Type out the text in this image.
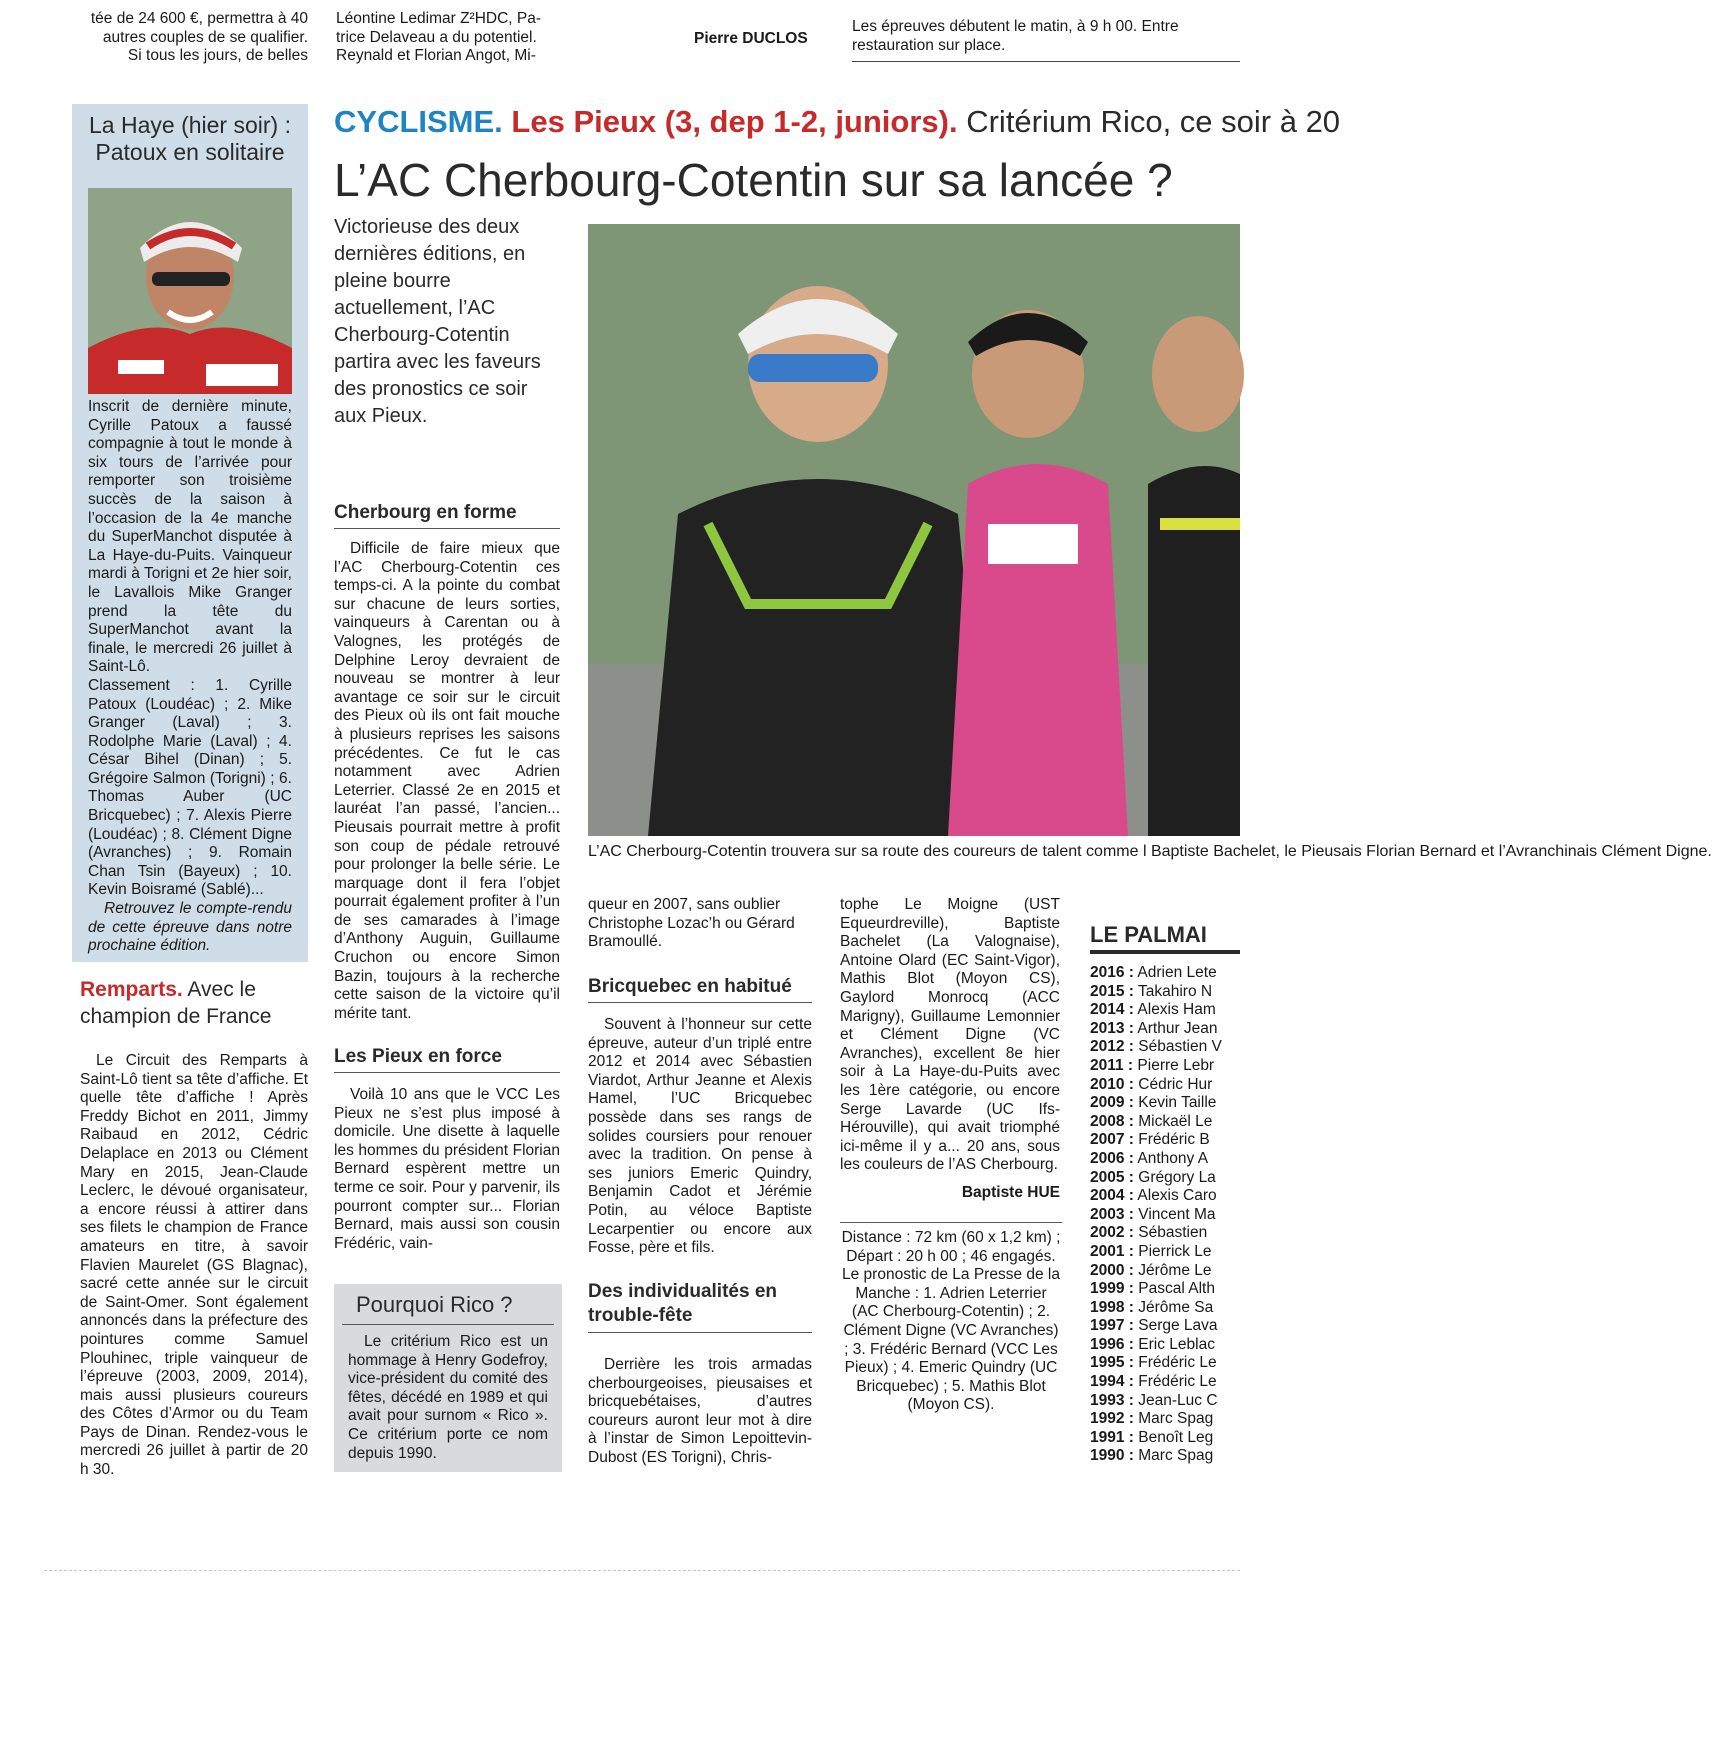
tée de 24 600 €, permettra à 40
autres couples de se qualifier.
Si tous les jours, de belles
Léontine Ledimar Z²HDC, Pa-
trice Delaveau a du potentiel.
Reynald et Florian Angot, Mi-
Pierre DUCLOS
Les épreuves débutent le matin, à 9 h 00. Entre
restauration sur place.
La Haye (hier soir) : Patoux en solitaire

Inscrit de dernière minute, Cyrille Patoux a faussé compagnie à tout le monde à six tours de l’arrivée pour remporter son troisième succès de la saison à l’occasion de la 4e manche du SuperManchot disputée à La Haye-du-Puits. Vainqueur mardi à Torigni et 2e hier soir, le Lavallois Mike Granger prend la tête du SuperManchot avant la finale, le mercredi 26 juillet à Saint-Lô.

Classement : 1. Cyrille Patoux (Loudéac) ; 2. Mike Granger (Laval) ; 3. Rodolphe Marie (Laval) ; 4. César Bihel (Dinan) ; 5. Grégoire Salmon (Torigni) ; 6. Thomas Auber (UC Bricquebec) ; 7. Alexis Pierre (Loudéac) ; 8. Clément Digne (Avranches) ; 9. Romain Chan Tsin (Bayeux) ; 10. Kevin Boisramé (Sablé)...

Retrouvez le compte-rendu de cette épreuve dans notre prochaine édition.

Remparts. Avec le champion de France

Le Circuit des Remparts à Saint-Lô tient sa tête d’affiche. Et quelle tête d’affiche ! Après Freddy Bichot en 2011, Jimmy Raibaud en 2012, Cédric Delaplace en 2013 ou Clément Mary en 2015, Jean-Claude Leclerc, le dévoué organisateur, a encore réussi à attirer dans ses filets le champion de France amateurs en titre, à savoir Flavien Maurelet (GS Blagnac), sacré cette année sur le circuit de Saint-Omer. Sont également annoncés dans la préfecture des pointures comme Samuel Plouhinec, triple vainqueur de l’épreuve (2003, 2009, 2014), mais aussi plusieurs coureurs des Côtes d’Armor ou du Team Pays de Dinan. Rendez-vous le mercredi 26 juillet à partir de 20 h 30.

CYCLISME. Les Pieux (3, dep 1-2, juniors). Critérium Rico, ce soir à 20
L’AC Cherbourg-Cotentin sur sa lancée ?
Victorieuse des deux dernières éditions, en pleine bourre actuellement, l’AC Cherbourg-Cotentin partira avec les faveurs des pronostics ce soir aux Pieux.
L’AC Cherbourg-Cotentin trouvera sur sa route des coureurs de talent comme l Baptiste Bachelet, le Pieusais Florian Bernard et l’Avranchinais Clément Digne.
Cherbourg en forme

Difficile de faire mieux que l’AC Cherbourg-Cotentin ces temps-ci. A la pointe du combat sur chacune de leurs sorties, vainqueurs à Carentan ou à Valognes, les protégés de Delphine Leroy devraient de nouveau se montrer à leur avantage ce soir sur le circuit des Pieux où ils ont fait mouche à plusieurs reprises les saisons précédentes. Ce fut le cas notamment avec Adrien Leterrier. Classé 2e en 2015 et lauréat l’an passé, l’ancien... Pieusais pourrait mettre à profit son coup de pédale retrouvé pour prolonger la belle série. Le marquage dont il fera l’objet pourrait également profiter à l’un de ses camarades à l’image d’Anthony Auguin, Guillaume Cruchon ou encore Simon Bazin, toujours à la recherche cette saison de la victoire qu’il mérite tant.

Les Pieux en force

Voilà 10 ans que le VCC Les Pieux ne s’est plus imposé à domicile. Une disette à laquelle les hommes du président Florian Bernard espèrent mettre un terme ce soir. Pour y parvenir, ils pourront compter sur... Florian Bernard, mais aussi son cousin Frédéric, vain-

Pourquoi Rico ?

Le critérium Rico est un hommage à Henry Godefroy, vice-président du comité des fêtes, décédé en 1989 et qui avait pour surnom « Rico ». Ce critérium porte ce nom depuis 1990.

queur en 2007, sans oublier Christophe Lozac’h ou Gérard Bramoullé.
Bricquebec en habitué

Souvent à l’honneur sur cette épreuve, auteur d’un triplé entre 2012 et 2014 avec Sébastien Viardot, Arthur Jeanne et Alexis Hamel, l’UC Bricquebec possède dans ses rangs de solides coursiers pour renouer avec la tradition. On pense à ses juniors Emeric Quindry, Benjamin Cadot et Jérémie Potin, au véloce Baptiste Lecarpentier ou encore aux Fosse, père et fils.

Des individualités en trouble-fête

Derrière les trois armadas cherbourgeoises, pieusaises et bricquebétaises, d’autres coureurs auront leur mot à dire à l’instar de Simon Lepoittevin-Dubost (ES Torigni), Chris-

tophe Le Moigne (UST Equeurdreville), Baptiste Bachelet (La Valognaise), Antoine Olard (EC Saint-Vigor), Mathis Blot (Moyon CS), Gaylord Monrocq (ACC Marigny), Guillaume Lemonnier et Clément Digne (VC Avranches), excellent 8e hier soir à La Haye-du-Puits avec les 1ère catégorie, ou encore Serge Lavarde (UC Ifs-Hérouville), qui avait triomphé ici-même il y a... 20 ans, sous les couleurs de l’AS Cherbourg.

Baptiste HUE
Distance : 72 km (60 x 1,2 km) ; Départ : 20 h 00 ; 46 engagés.
Le pronostic de La Presse de la Manche : 1. Adrien Leterrier (AC Cherbourg-Cotentin) ; 2. Clément Digne (VC Avranches) ; 3. Frédéric Bernard (VCC Les Pieux) ; 4. Emeric Quindry (UC Bricquebec) ; 5. Mathis Blot (Moyon CS).
LE PALMAI
2016 : Adrien Lete
2015 : Takahiro N
2014 : Alexis Ham
2013 : Arthur Jean
2012 : Sébastien V
2011 : Pierre Lebr
2010 : Cédric Hur
2009 : Kevin Taille
2008 : Mickaël Le
2007 : Frédéric B
2006 : Anthony A
2005 : Grégory La
2004 : Alexis Caro
2003 : Vincent Ma
2002 : Sébastien
2001 : Pierrick Le
2000 : Jérôme Le
1999 : Pascal Alth
1998 : Jérôme Sa
1997 : Serge Lava
1996 : Eric Leblac
1995 : Frédéric Le
1994 : Frédéric Le
1993 : Jean-Luc C
1992 : Marc Spag
1991 : Benoît Leg
1990 : Marc Spag
